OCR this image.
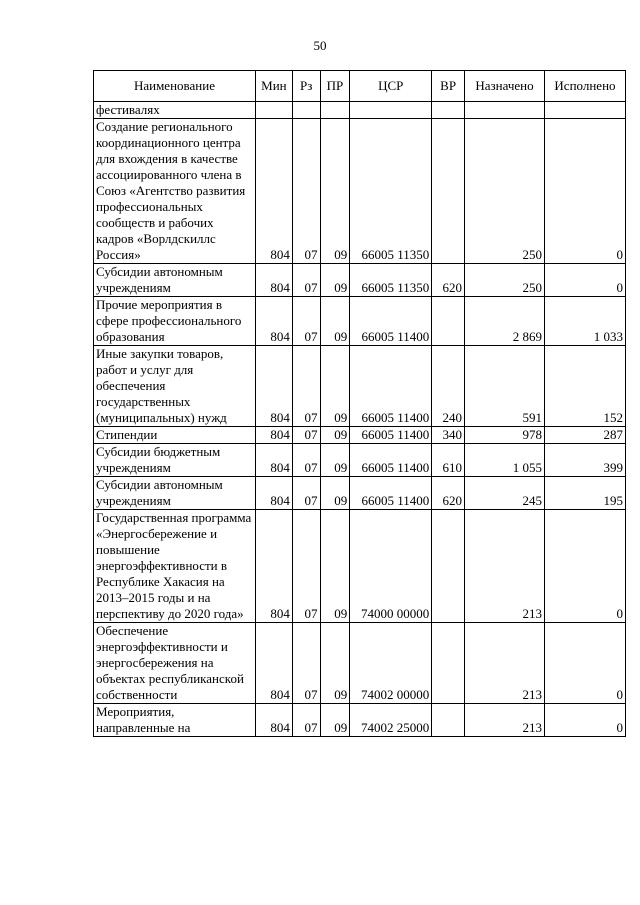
50
Наименование	Мин	Рз	ПР	ЦСР	ВР	Назначено	Исполнено
фестивалях							
Создание регионального координационного центра для вхождения в качестве ассоциированного члена в Союз «Агентство развития профессиональных сообществ и рабочих кадров «Ворлдскиллс Россия»	804	07	09	66005 11350		250	0
Субсидии автономным учреждениям	804	07	09	66005 11350	620	250	0
Прочие мероприятия в сфере профессионального образования	804	07	09	66005 11400		2 869	1 033
Иные закупки товаров, работ и услуг для обеспечения государственных (муниципальных) нужд	804	07	09	66005 11400	240	591	152
Стипендии	804	07	09	66005 11400	340	978	287
Субсидии бюджетным учреждениям	804	07	09	66005 11400	610	1 055	399
Субсидии автономным учреждениям	804	07	09	66005 11400	620	245	195
Государственная программа «Энергосбережение и повышение энергоэффективности в Республике Хакасия на 2013–2015 годы и на перспективу до 2020 года»	804	07	09	74000 00000		213	0
Обеспечение энергоэффективности и энергосбережения на объектах республиканской собственности	804	07	09	74002 00000		213	0
Мероприятия, направленные на	804	07	09	74002 25000		213	0
